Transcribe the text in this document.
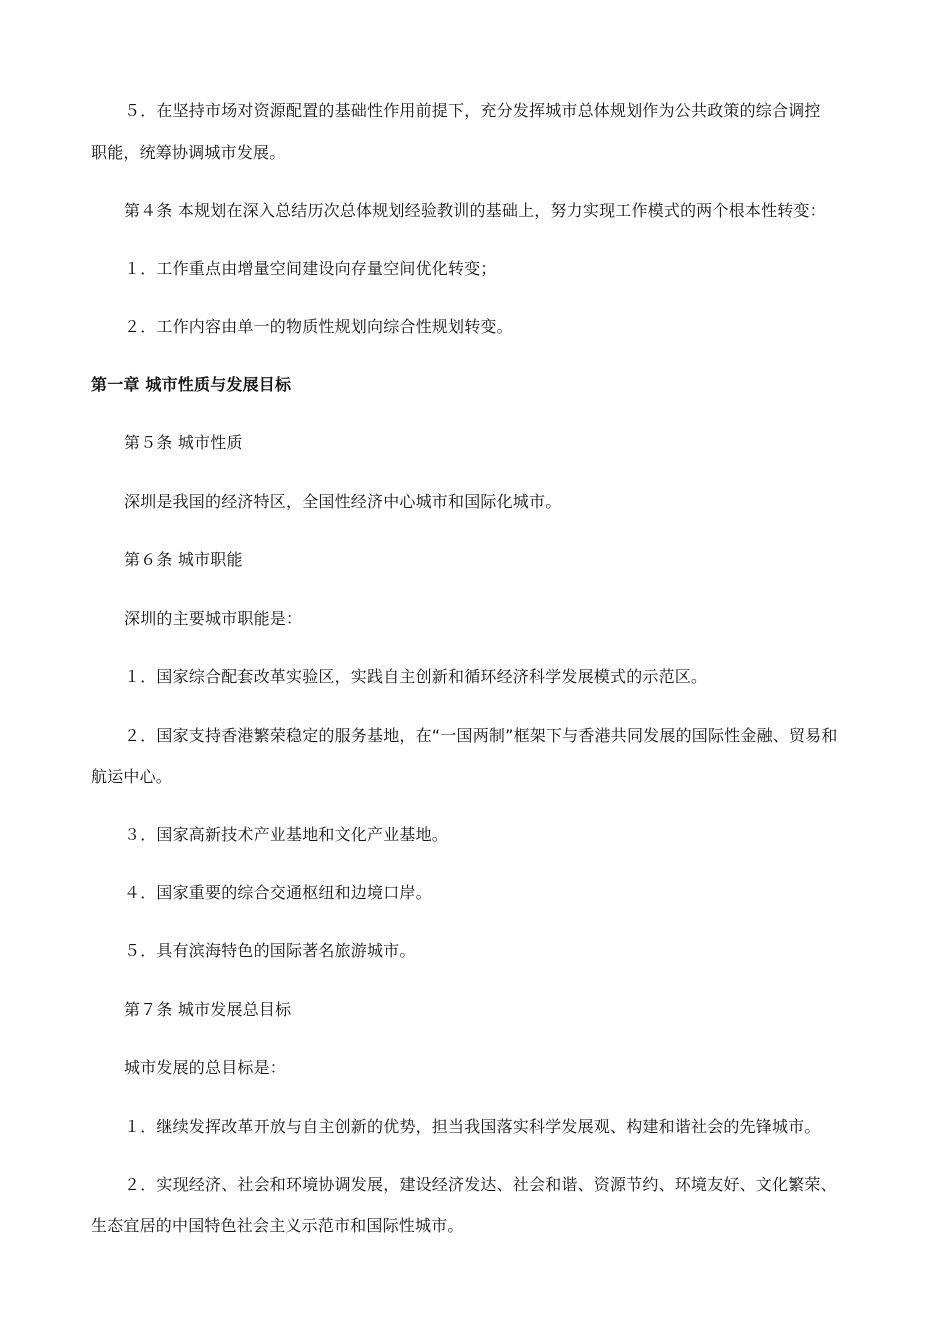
５．在坚持市场对资源配置的基础性作用前提下，充分发挥城市总体规划作为公共政策的综合调控
职能，统筹协调城市发展。
第４条 本规划在深入总结历次总体规划经验教训的基础上，努力实现工作模式的两个根本性转变：
１．工作重点由增量空间建设向存量空间优化转变；
２．工作内容由单一的物质性规划向综合性规划转变。
第一章 城市性质与发展目标
第５条 城市性质
深圳是我国的经济特区，全国性经济中心城市和国际化城市。
第６条 城市职能
深圳的主要城市职能是：
１．国家综合配套改革实验区，实践自主创新和循环经济科学发展模式的示范区。
２．国家支持香港繁荣稳定的服务基地，在“一国两制”框架下与香港共同发展的国际性金融、贸易和
航运中心。
３．国家高新技术产业基地和文化产业基地。
４．国家重要的综合交通枢纽和边境口岸。
５．具有滨海特色的国际著名旅游城市。
第７条 城市发展总目标
城市发展的总目标是：
１．继续发挥改革开放与自主创新的优势，担当我国落实科学发展观、构建和谐社会的先锋城市。
２．实现经济、社会和环境协调发展，建设经济发达、社会和谐、资源节约、环境友好、文化繁荣、
生态宜居的中国特色社会主义示范市和国际性城市。
